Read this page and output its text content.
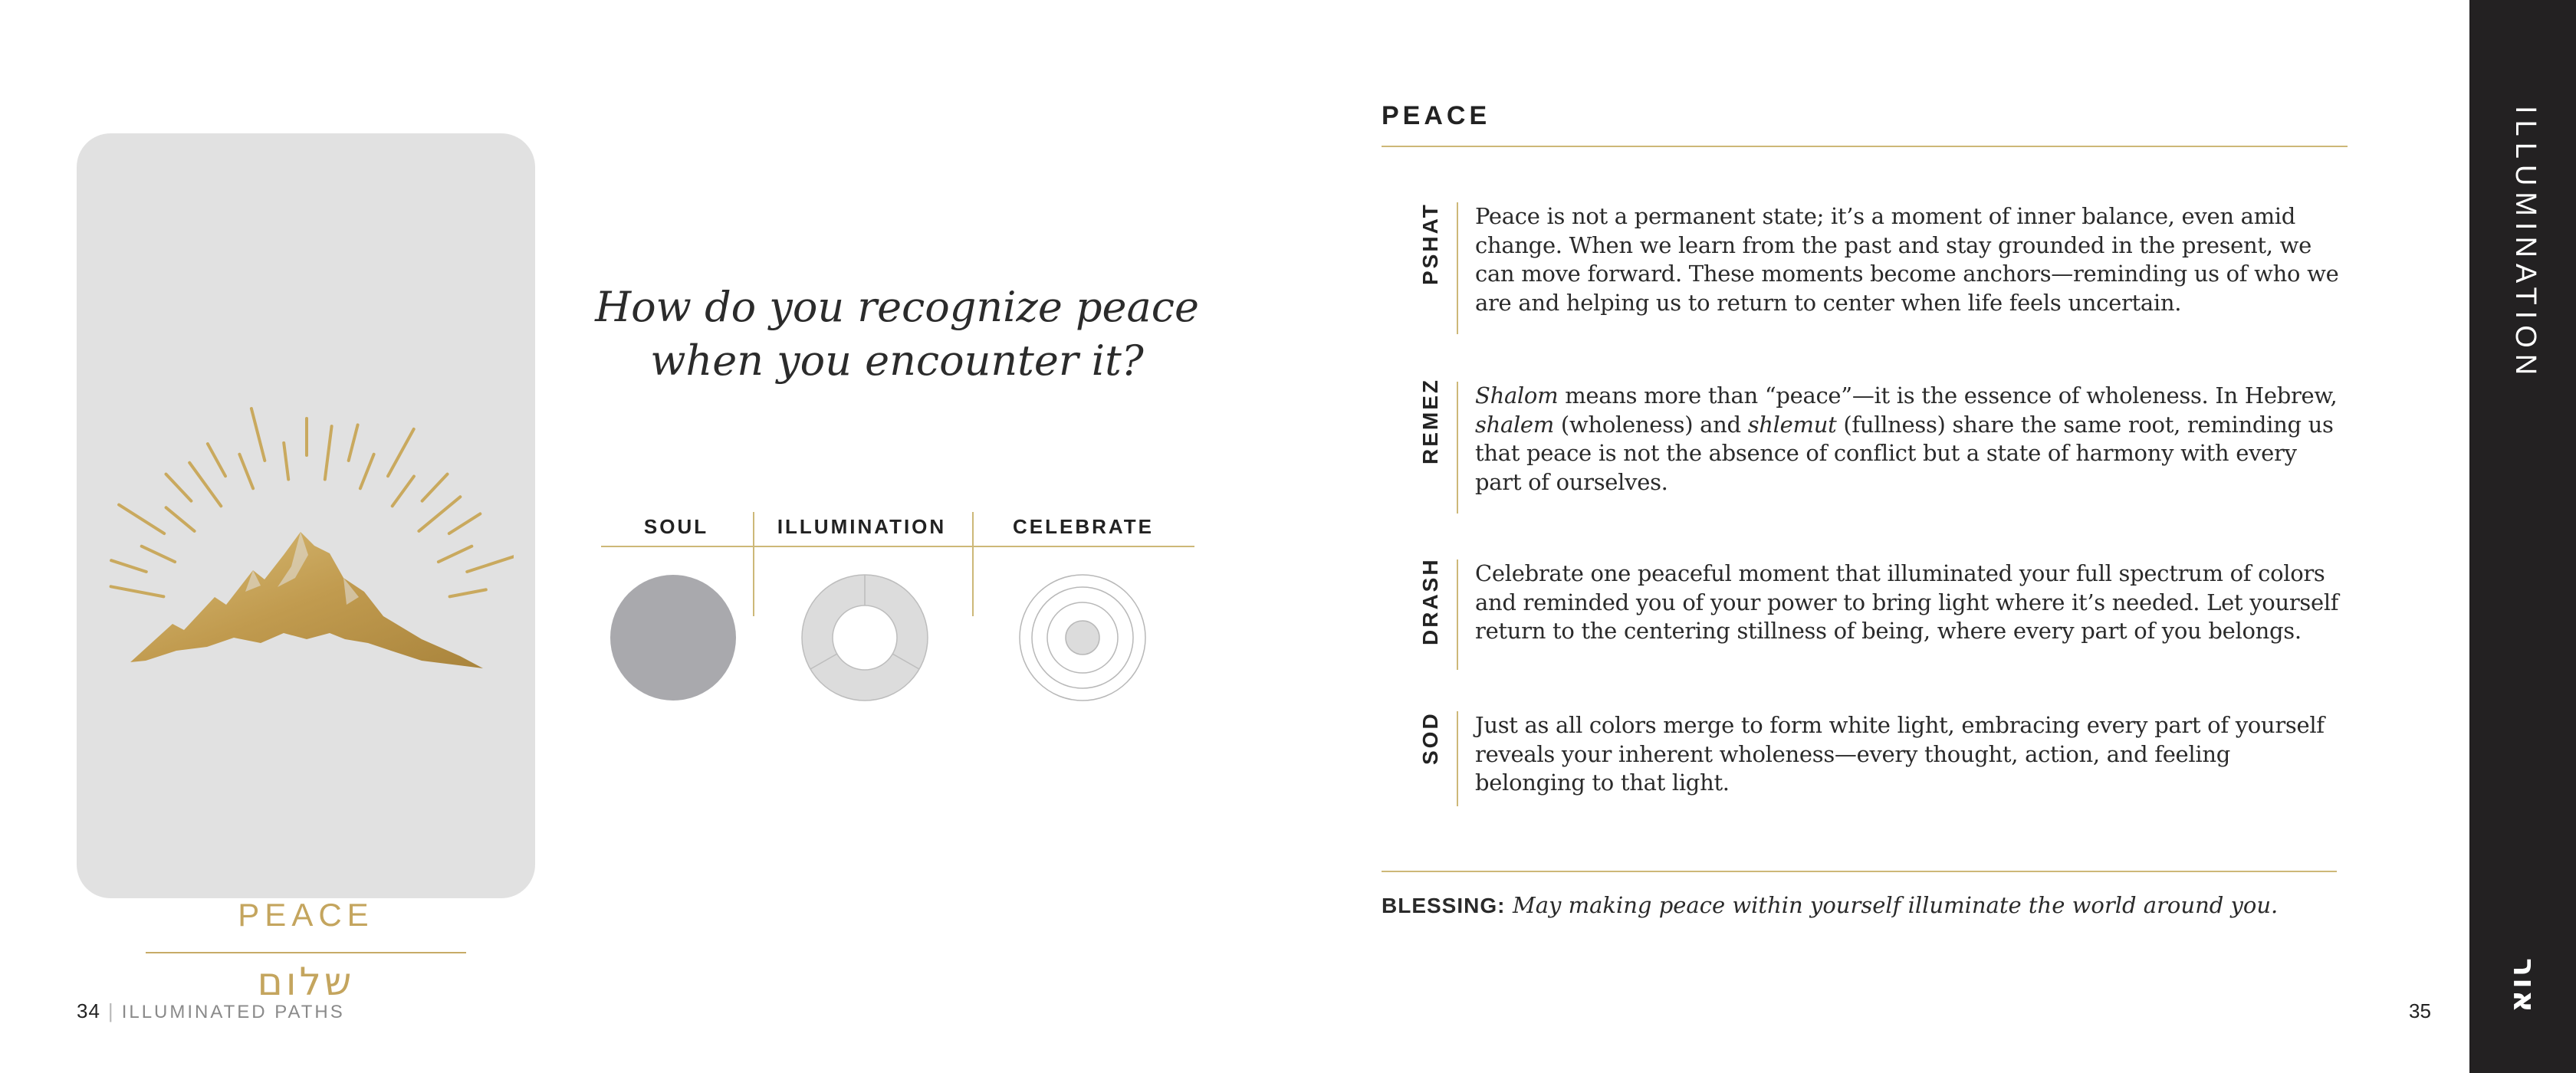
PEACE

שלום

How do you recognize peace
when you encounter it?

SOUL	ILLUMINATION	CELEBRATE
34 | ILLUMINATED PATHS
PEACE
PSHAT	Peace is not a permanent state; it’s a moment of inner balance, even amid change. When we learn from the past and stay grounded in the present, we can move forward. These moments become anchors—reminding us of who we are and helping us to return to center when life feels uncertain.

REMEZ	Shalom means more than “peace”—it is the essence of wholeness. In Hebrew, shalem (wholeness) and shlemut (fullness) share the same root, reminding us that peace is not the absence of conflict but a state of harmony with every part of ourselves.

DRASH	Celebrate one peaceful moment that illuminated your full spectrum of colors and reminded you of your power to bring light where it’s needed. Let yourself return to the centering stillness of being, where every part of you belongs.

SOD	Just as all colors merge to form white light, embracing every part of yourself reveals your inherent wholeness—every thought, action, and feeling belonging to that light.

BLESSING: May making peace within yourself illuminate the world around you.

35
ILLUMINATION
אור
